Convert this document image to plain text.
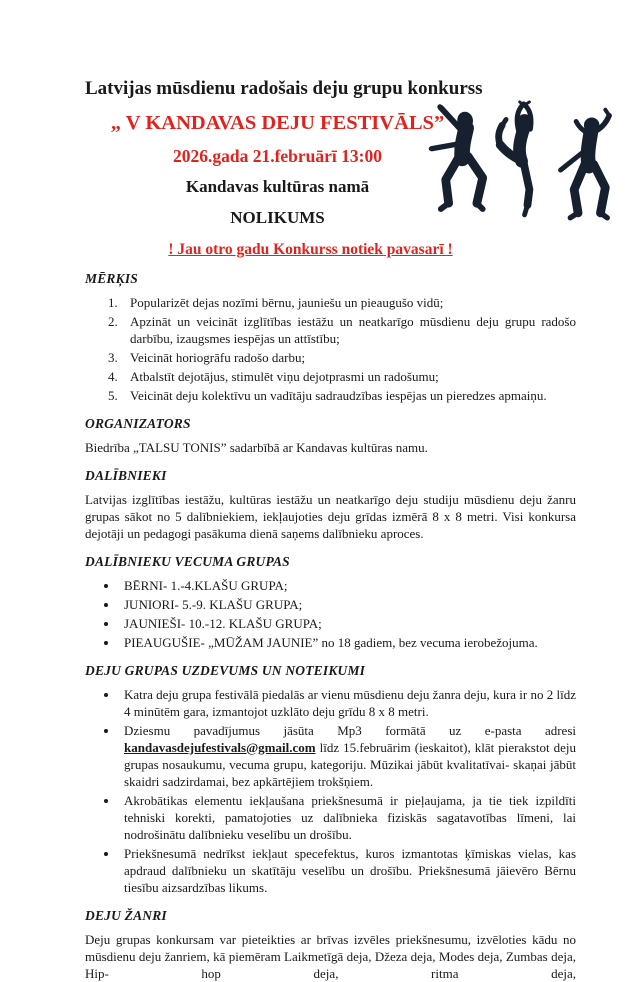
Latvijas mūsdienu radošais deju grupu konkurss
„ V KANDAVAS DEJU FESTIVĀLS”
2026.gada 21.februārī 13:00
Kandavas kultūras namā
NOLIKUMS
! Jau otro gadu Konkurss notiek pavasarī !
MĒRĶIS
1. Popularizēt dejas nozīmi bērnu, jauniešu un pieaugušo vidū;
2. Apzināt un veicināt izglītības iestāžu un neatkarīgo mūsdienu deju grupu radošo darbību, izaugsmes iespējas un attīstību;
3. Veicināt horiogrāfu radošo darbu;
4. Atbalstīt dejotājus, stimulēt viņu dejotprasmi un radošumu;
5. Veicināt deju kolektīvu un vadītāju sadraudzības iespējas un pieredzes apmaiņu.
ORGANIZATORS

Biedrība „TALSU TONIS” sadarbībā ar Kandavas kultūras namu.

DALĪBNIEKI

Latvijas izglītības iestāžu, kultūras iestāžu un neatkarīgo deju studiju mūsdienu deju žanru grupas sākot no 5 dalībniekiem, iekļaujoties deju grīdas izmērā 8 x 8 metri. Visi konkursa dejotāji un pedagogi pasākuma dienā saņems dalībnieku aproces.

DALĪBNIEKU VECUMA GRUPAS
• BĒRNI- 1.-4.KLAŠU GRUPA;
• JUNIORI- 5.-9. KLAŠU GRUPA;
• JAUNIEŠI- 10.-12. KLAŠU GRUPA;
• PIEAUGUŠIE- „MŪŽAM JAUNIE” no 18 gadiem, bez vecuma ierobežojuma.
DEJU GRUPAS UZDEVUMS UN NOTEIKUMI
• Katra deju grupa festivālā piedalās ar vienu mūsdienu deju žanra deju, kura ir no 2 līdz 4 minūtēm gara, izmantojot uzklāto deju grīdu 8 x 8 metri.
• Dziesmu pavadījumus jāsūta Mp3 formātā uz e-pasta adresi kandavasdejufestivals@gmail.com līdz 15.februārim (ieskaitot), klāt pierakstot deju grupas nosaukumu, vecuma grupu, kategoriju. Mūzikai jābūt kvalitatīvai- skaņai jābūt skaidri sadzirdamai, bez apkārtējiem trokšņiem.
• Akrobātikas elementu iekļaušana priekšnesumā ir pieļaujama, ja tie tiek izpildīti tehniski korekti, pamatojoties uz dalībnieka fiziskās sagatavotības līmeni, lai nodrošinātu dalībnieku veselību un drošību.
• Priekšnesumā nedrīkst iekļaut specefektus, kuros izmantotas ķīmiskas vielas, kas apdraud dalībnieku un skatītāju veselību un drošību. Priekšnesumā jāievēro Bērnu tiesību aizsardzības likums.
DEJU ŽANRI

Deju grupas konkursam var pieteikties ar brīvas izvēles priekšnesumu, izvēloties kādu no mūsdienu deju žanriem, kā piemēram Laikmetīgā deja, Džeza deja, Modes deja, Zumbas deja, Hip- hop deja, ritma deja,
